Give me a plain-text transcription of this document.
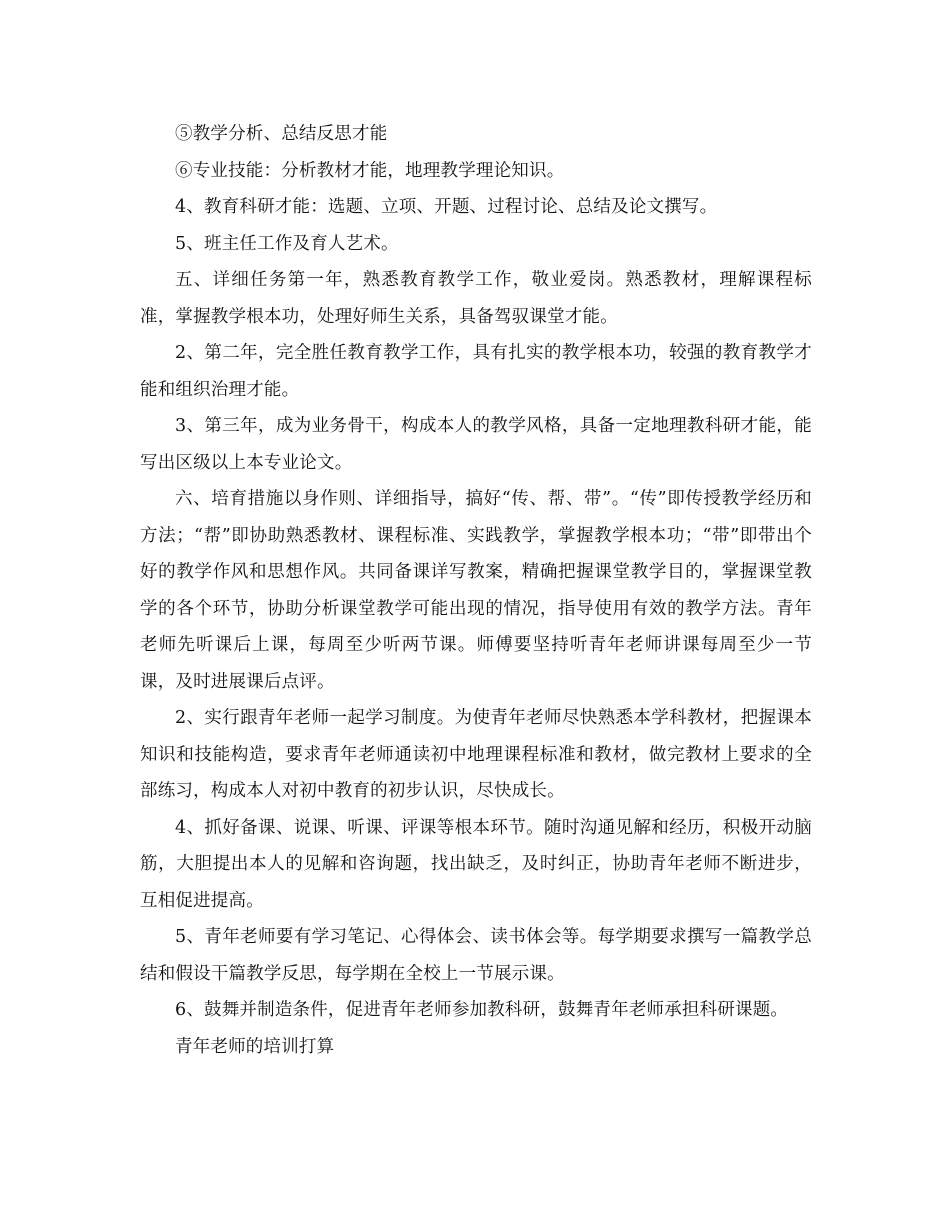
⑤教学分析、总结反思才能

⑥专业技能：分析教材才能，地理教学理论知识。

4、教育科研才能：选题、立项、开题、过程讨论、总结及论文撰写。

5、班主任工作及育人艺术。

五、详细任务第一年，熟悉教育教学工作，敬业爱岗。熟悉教材，理解课程标准，掌握教学根本功，处理好师生关系，具备驾驭课堂才能。

2、第二年，完全胜任教育教学工作，具有扎实的教学根本功，较强的教育教学才能和组织治理才能。

3、第三年，成为业务骨干，构成本人的教学风格，具备一定地理教科研才能，能写出区级以上本专业论文。

六、培育措施以身作则、详细指导，搞好“传、帮、带”。“传”即传授教学经历和方法；“帮”即协助熟悉教材、课程标准、实践教学，掌握教学根本功；“带”即带出个好的教学作风和思想作风。共同备课详写教案，精确把握课堂教学目的，掌握课堂教学的各个环节，协助分析课堂教学可能出现的情况，指导使用有效的教学方法。青年老师先听课后上课，每周至少听两节课。师傅要坚持听青年老师讲课每周至少一节课，及时进展课后点评。

2、实行跟青年老师一起学习制度。为使青年老师尽快熟悉本学科教材，把握课本知识和技能构造，要求青年老师通读初中地理课程标准和教材，做完教材上要求的全部练习，构成本人对初中教育的初步认识，尽快成长。

4、抓好备课、说课、听课、评课等根本环节。随时沟通见解和经历，积极开动脑筋，大胆提出本人的见解和咨询题，找出缺乏，及时纠正，协助青年老师不断进步，互相促进提高。

5、青年老师要有学习笔记、心得体会、读书体会等。每学期要求撰写一篇教学总结和假设干篇教学反思，每学期在全校上一节展示课。

6、鼓舞并制造条件，促进青年老师参加教科研，鼓舞青年老师承担科研课题。

青年老师的培训打算
